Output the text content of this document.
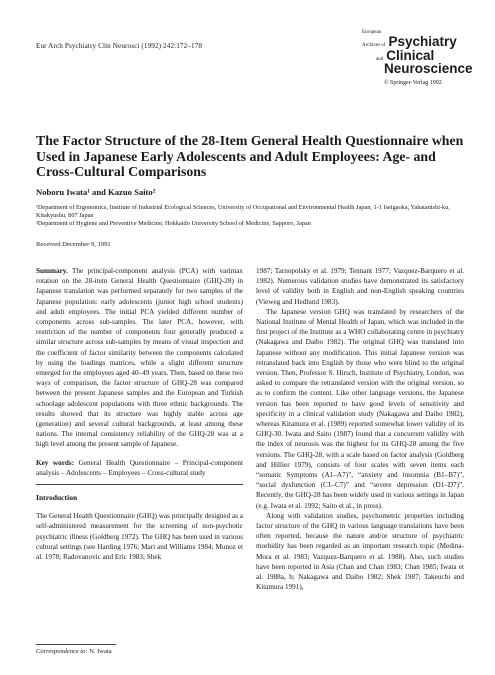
Eur Arch Psychiatry Clin Neurosci (1992) 242:172–178
European
Archives of Psychiatry
and Clinical
Neuroscience
© Springer-Verlag 1992
The Factor Structure of the 28-Item General Health Questionnaire when Used in Japanese Early Adolescents and Adult Employees: Age- and Cross-Cultural Comparisons
Noboru Iwata¹ and Kazuo Saito²

¹Department of Ergonomics, Institute of Industrial Ecological Sciences, University of Occupational and Environmental Health Japan, 1-1 Iseigaoka, Yahatanishi-ku, Kitakyushu, 807 Japan

²Department of Hygiene and Preventive Medicine, Hokkaido University School of Medicine, Sapporo, Japan

Received December 9, 1991

Summary. The principal-component analysis (PCA) with varimax rotation on the 28-item General Health Questionnaire (GHQ-28) in Japanese translation was performed separately for two samples of the Japanese population: early adolescents (junior high school students) and adult employees. The initial PCA yielded different number of components across sub-samples. The later PCA, however, with restriction of the number of components four generally produced a similar structure across sub-samples by means of visual inspection and the coefficient of factor similarity between the components calculated by using the loadings matrices, while a slight different structure emerged for the employees aged 40–49 years. Then, based on these two ways of comparison, the factor structure of GHQ-28 was compared between the present Japanese samples and the European and Turkish schoolage adolescent populations with three ethnic backgrounds. The results showed that its structure was highly stable across age (generation) and several cultural backgrounds, at least among these nations. The internal consistency reliability of the GHQ-28 was at a high level among the present sample of Japanese.

Key words: General Health Questionnaire – Principal-component analysis – Adolescents – Employees – Cross-cultural study

Introduction

The General Health Questionnaire (GHQ) was principally designed as a self-administered measurement for the screening of non-psychotic psychiatric illness (Goldberg 1972). The GHQ has been used in various cultural settings (see Harding 1976; Mari and Williams 1984; Munoz et al. 1978; Radovanovic and Eric 1983; Shek

Correspondence to: N. Iwata

1987; Tarnopolsky et al. 1979; Tennant 1977; Vazquez-Barquero et al. 1982). Numerous validation studies have demonstrated its satisfactory level of validity both in English and non-English speaking countries (Vieweg and Hedlund 1983).

The Japanese version GHQ was translated by researchers of the National Institute of Mental Health of Japan, which was included in the first project of the Institute as a WHO collaborating centre in psychiatry (Nakagawa and Daibo 1982). The original GHQ was translated into Japanese without any modification. This initial Japanese version was retranslated back into English by those who were blind to the original version. Then, Professor S. Hirsch, Institute of Psychiatry, London, was asked to compare the retranslated version with the original version, so as to confirm the content. Like other language versions, the Japanese version has been reported to have good levels of sensitivity and specificity in a clinical validation study (Nakagawa and Daibo 1982), whereas Kitamura et al. (1989) reported somewhat lower validity of its GHQ-30. Iwata and Saito (1987) found that a concurrent validity with the index of neurosis was the highest for its GHQ-28 among the five versions. The GHQ-28, with a scale based on factor analysis (Goldberg and Hillier 1979), consists of four scales with seven items each “somatic Symptoms (A1–A7)”, “anxiety and insomnia (B1–B7)”, “social dysfunction (C1–C7)” and “severe depression (D1–D7)”. Recently, the GHQ-28 has been widely used in various settings in Japan (e.g. Iwata et al. 1992; Saito et al., in press).

Along with validation studies, psychometric properties including factor structure of the GHQ in various language translations have been often reported, because the nature and/or structure of psychiatric morbidity has been regarded as an important research topic (Medina-Mora et al. 1983; Vazquez-Barquero et al. 1988). Also, such studies have been reported in Asia (Chan and Chan 1983; Chan 1985; Iwata et al. 1988a, b; Nakagawa and Daibo 1982; Shek 1987; Takeuchi and Kitamura 1991),
